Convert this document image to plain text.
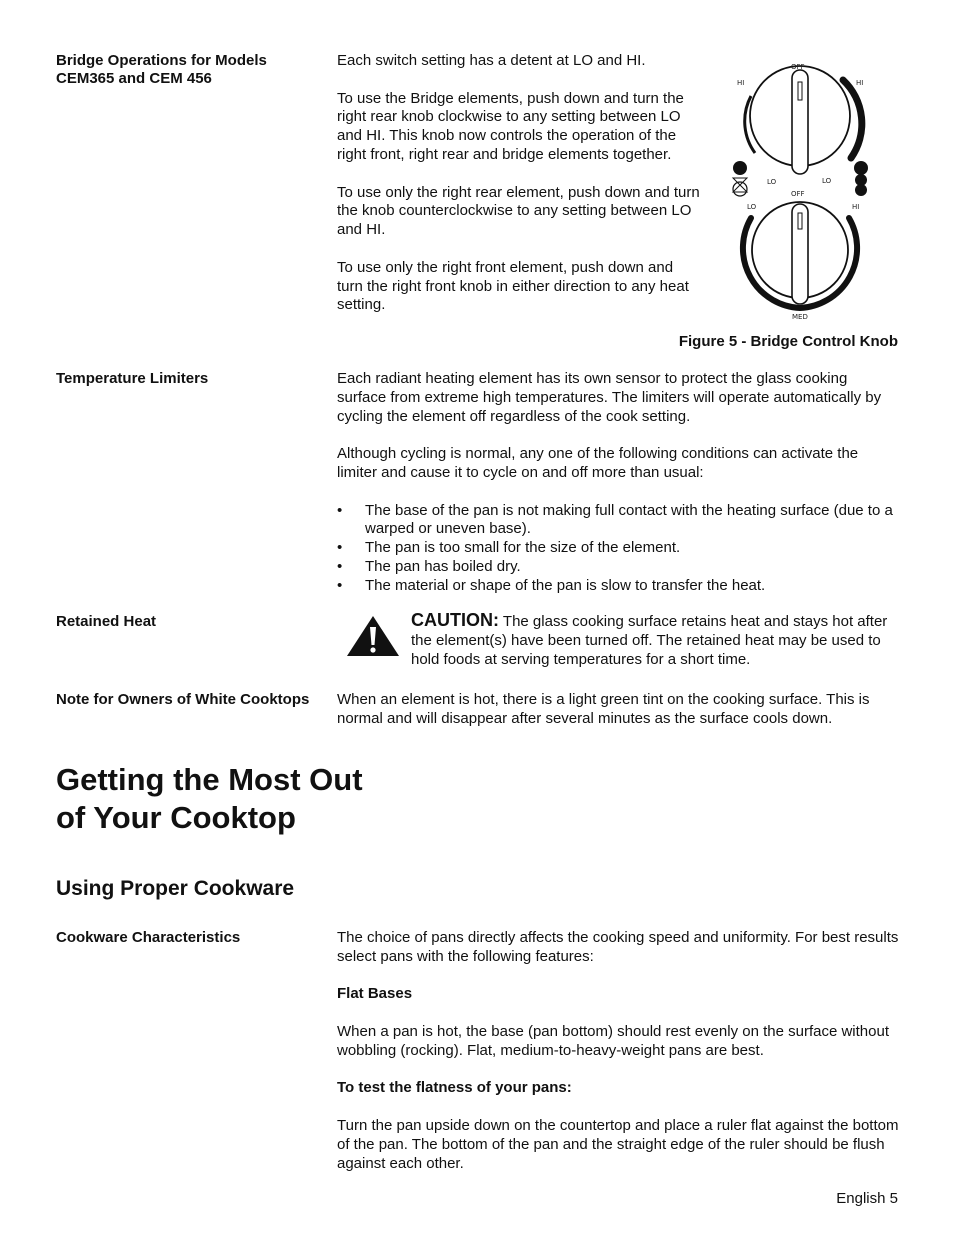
Bridge Operations for Models
CEM365 and CEM 456

Each switch setting has a detent at LO and HI.

To use the Bridge elements, push down and turn the right rear knob clockwise to any setting between LO and HI. This knob now controls the operation of the right front, right rear and bridge elements together.

To use only the right rear element, push down and turn the knob counterclockwise to any setting between LO and HI.

To use only the right front element, push down and turn the right front knob in either direction to any heat setting.

OFF
HI	HI
LO	LO
OFF
LO	HI
MED
Figure 5 - Bridge Control Knob
Temperature Limiters	Each radiant heating element has its own sensor to protect the glass cooking surface from extreme high temperatures. The limiters will operate automatically by cycling the element off regardless of the cook setting.

Although cycling is normal, any one of the following conditions can activate the limiter and cause it to cycle on and off more than usual:

• The base of the pan is not making full contact with the heating surface (due to a warped or uneven base).
• The pan is too small for the size of the element.
• The pan has boiled dry.
• The material or shape of the pan is slow to transfer the heat.
Retained Heat	CAUTION: The glass cooking surface retains heat and stays hot after the element(s) have been turned off. The retained heat may be used to hold foods at serving temperatures for a short time.
Note for Owners of White Cooktops	When an element is hot, there is a light green tint on the cooking surface. This is normal and will disappear after several minutes as the surface cools down.
Getting the Most Out
of Your Cooktop
Using Proper Cookware
Cookware Characteristics	The choice of pans directly affects the cooking speed and uniformity. For best results select pans with the following features:

Flat Bases

When a pan is hot, the base (pan bottom) should rest evenly on the surface without wobbling (rocking). Flat, medium-to-heavy-weight pans are best.

To test the flatness of your pans:

Turn the pan upside down on the countertop and place a ruler flat against the bottom of the pan. The bottom of the pan and the straight edge of the ruler should be flush against each other.

English 5
